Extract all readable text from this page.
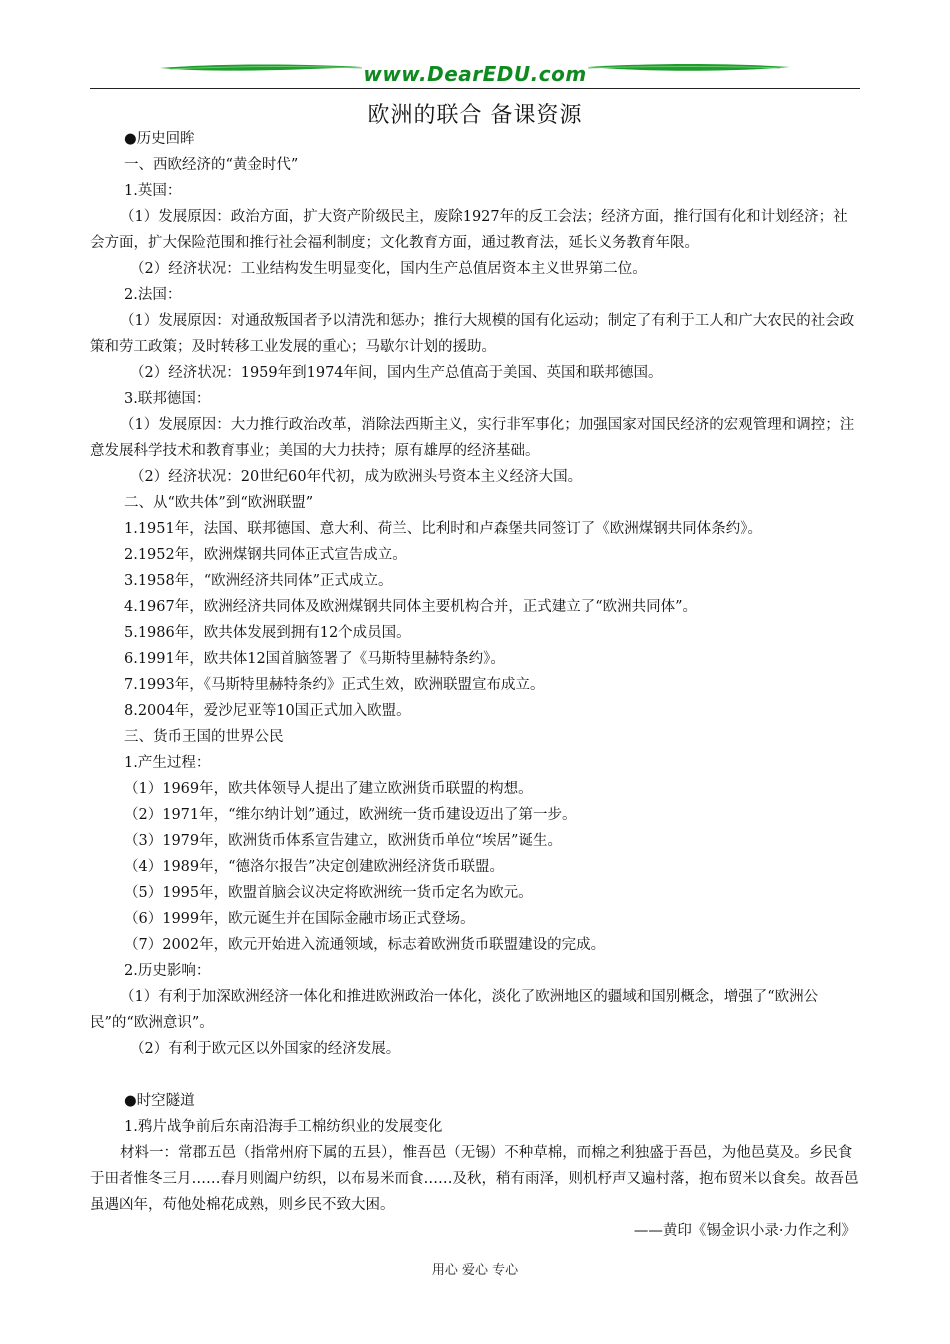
www.DearEDU.com
欧洲的联合 备课资源

●历史回眸

一、西欧经济的“黄金时代”

1.英国：

（1）发展原因：政治方面，扩大资产阶级民主，废除1927年的反工会法；经济方面，推行国有化和计划经济；社会方面，扩大保险范围和推行社会福利制度；文化教育方面，通过教育法，延长义务教育年限。

（2）经济状况：工业结构发生明显变化，国内生产总值居资本主义世界第二位。

2.法国：

（1）发展原因：对通敌叛国者予以清洗和惩办；推行大规模的国有化运动；制定了有利于工人和广大农民的社会政策和劳工政策；及时转移工业发展的重心；马歇尔计划的援助。

（2）经济状况：1959年到1974年间，国内生产总值高于美国、英国和联邦德国。

3.联邦德国：

（1）发展原因：大力推行政治改革，消除法西斯主义，实行非军事化；加强国家对国民经济的宏观管理和调控；注意发展科学技术和教育事业；美国的大力扶持；原有雄厚的经济基础。

（2）经济状况：20世纪60年代初，成为欧洲头号资本主义经济大国。

二、从“欧共体”到“欧洲联盟”

1.1951年，法国、联邦德国、意大利、荷兰、比利时和卢森堡共同签订了《欧洲煤钢共同体条约》。

2.1952年，欧洲煤钢共同体正式宣告成立。

3.1958年，“欧洲经济共同体”正式成立。

4.1967年，欧洲经济共同体及欧洲煤钢共同体主要机构合并，正式建立了“欧洲共同体”。

5.1986年，欧共体发展到拥有12个成员国。

6.1991年，欧共体12国首脑签署了《马斯特里赫特条约》。

7.1993年，《马斯特里赫特条约》正式生效，欧洲联盟宣布成立。

8.2004年，爱沙尼亚等10国正式加入欧盟。

三、货币王国的世界公民

1.产生过程：

（1）1969年，欧共体领导人提出了建立欧洲货币联盟的构想。

（2）1971年，“维尔纳计划”通过，欧洲统一货币建设迈出了第一步。

（3）1979年，欧洲货币体系宣告建立，欧洲货币单位“埃居”诞生。

（4）1989年，“德洛尔报告”决定创建欧洲经济货币联盟。

（5）1995年，欧盟首脑会议决定将欧洲统一货币定名为欧元。

（6）1999年，欧元诞生并在国际金融市场正式登场。

（7）2002年，欧元开始进入流通领域，标志着欧洲货币联盟建设的完成。

2.历史影响：

（1）有利于加深欧洲经济一体化和推进欧洲政治一体化，淡化了欧洲地区的疆域和国别概念，增强了“欧洲公民”的“欧洲意识”。

（2）有利于欧元区以外国家的经济发展。

●时空隧道

1.鸦片战争前后东南沿海手工棉纺织业的发展变化

材料一：常郡五邑（指常州府下属的五县），惟吾邑（无锡）不种草棉，而棉之利独盛于吾邑，为他邑莫及。乡民食于田者惟冬三月……春月则阖户纺织，以布易米而食……及秋，稍有雨泽，则机杼声又遍村落，抱布贸米以食矣。故吾邑虽遇凶年，苟他处棉花成熟，则乡民不致大困。

——黄印《锡金识小录·力作之利》

用心 爱心 专心
